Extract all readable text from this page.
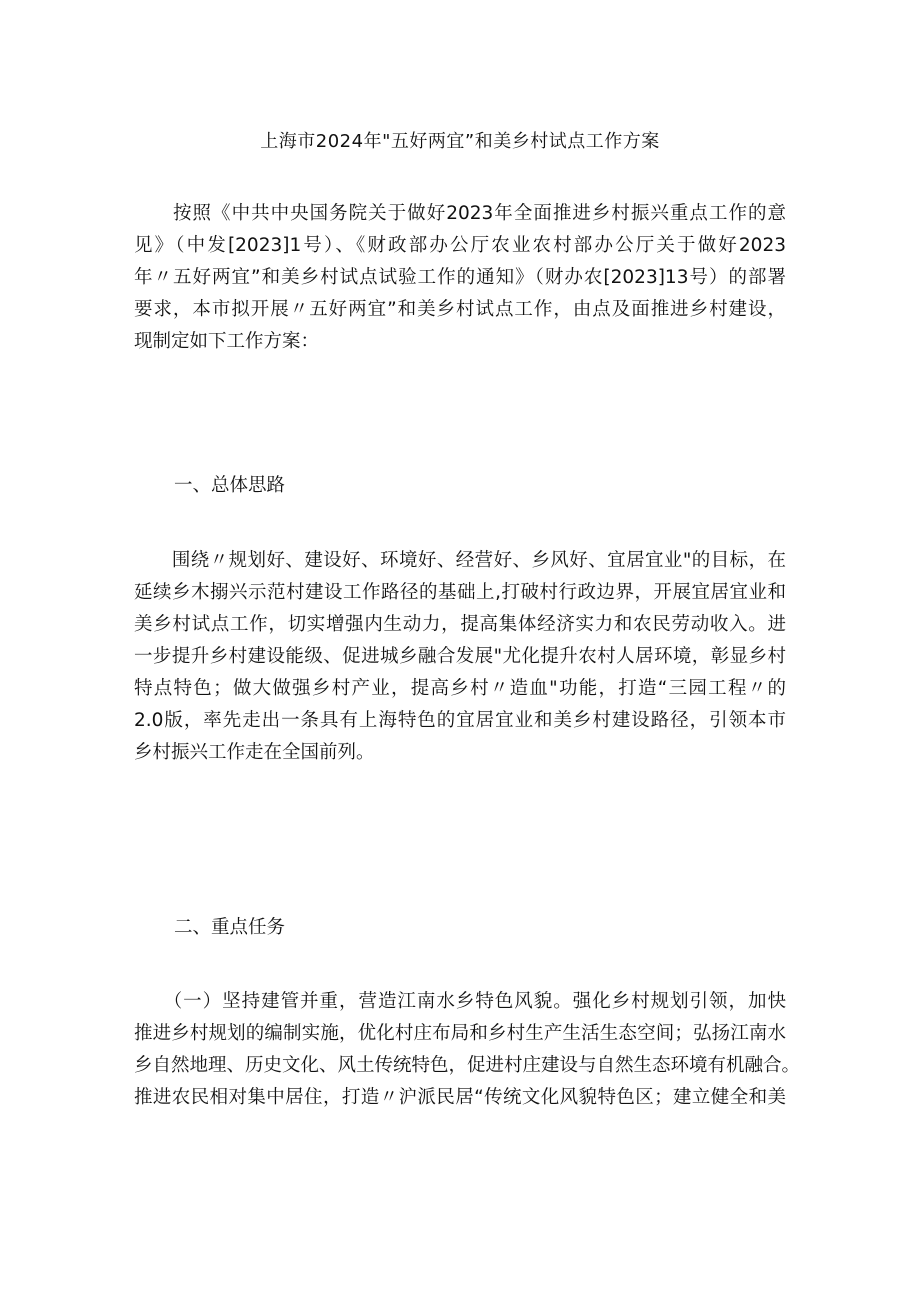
上海市2024年"五好两宜”和美乡村试点工作方案
　　按照《中共中央国务院关于做好2023年全面推进乡村振兴重点工作的意
见》（中发[2023]1号）、《财政部办公厅农业农村部办公厅关于做好2023
年〃五好两宜”和美乡村试点试验工作的通知》（财办农[2023]13号）的部署
要求，本市拟开展〃五好两宜”和美乡村试点工作，由点及面推进乡村建设，
现制定如下工作方案：
一、总体思路
　　围绕〃规划好、建设好、环境好、经营好、乡风好、宜居宜业"的目标，在
延续乡木搦兴示范村建设工作路径的基础上,打破村行政边界，开展宜居宜业和
美乡村试点工作，切实增强内生动力，提高集体经济实力和农民劳动收入。进
一步提升乡村建设能级、促进城乡融合发展"尤化提升农村人居环境，彰显乡村
特点特色；做大做强乡村产业，提高乡村〃造血"功能，打造“三园工程〃的
2.0版，率先走出一条具有上海特色的宜居宜业和美乡村建设路径，引领本市
乡村振兴工作走在全国前列。
二、重点任务
　　（一）坚持建管并重，营造江南水乡特色风貌。强化乡村规划引领，加快
推进乡村规划的编制实施，优化村庄布局和乡村生产生活生态空间；弘扬江南水
乡自然地理、历史文化、风土传统特色，促进村庄建设与自然生态环境有机融合。
推进农民相对集中居住，打造〃沪派民居“传统文化风貌特色区；建立健全和美
